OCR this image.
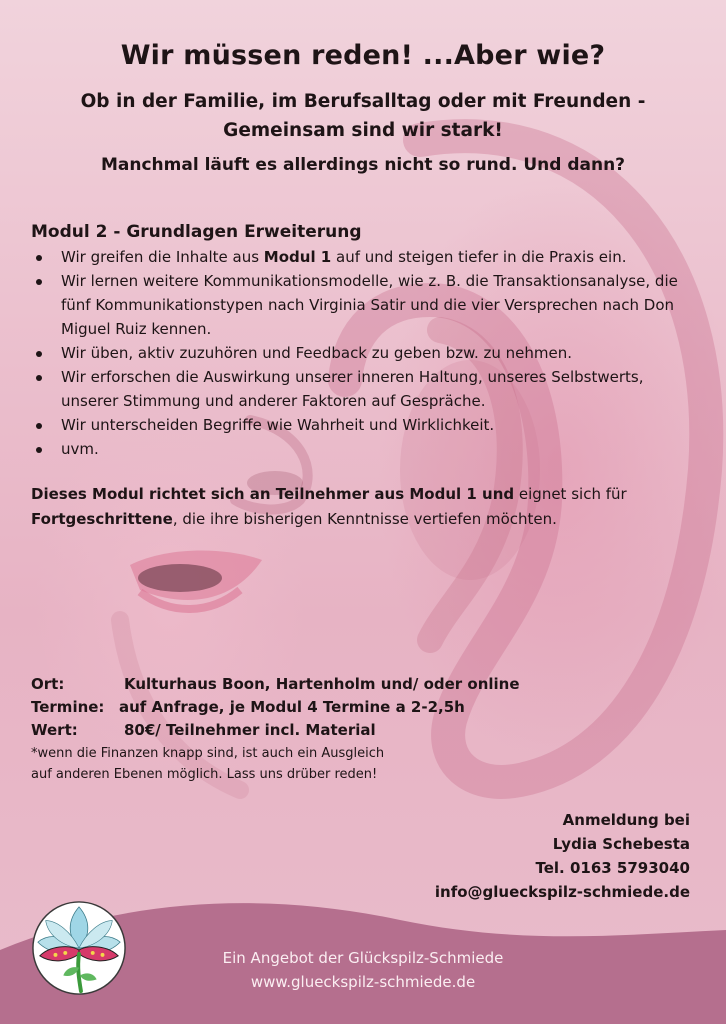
Wir müssen reden! ...Aber wie?
Ob in der Familie, im Berufsalltag oder mit Freunden -
Gemeinsam sind wir stark!
Manchmal läuft es allerdings nicht so rund. Und dann?
Modul 2 - Grundlagen Erweiterung
Wir greifen die Inhalte aus Modul 1 auf und steigen tiefer in die Praxis ein.
Wir lernen weitere Kommunikationsmodelle, wie z. B. die Transaktionsanalyse, die fünf Kommunikationstypen nach Virginia Satir und die vier Versprechen nach Don Miguel Ruiz kennen.
Wir üben, aktiv zuzuhören und Feedback zu geben bzw. zu nehmen.
Wir erforschen die Auswirkung unserer inneren Haltung, unseres Selbstwerts, unserer Stimmung und anderer Faktoren auf Gespräche.
Wir unterscheiden Begriffe wie Wahrheit und Wirklichkeit.
uvm.
Dieses Modul richtet sich an Teilnehmer aus Modul 1 und eignet sich für Fortgeschrittene, die ihre bisherigen Kenntnisse vertiefen möchten.
Ort:	Kulturhaus Boon, Hartenholm und/ oder online
Termine: auf Anfrage, je Modul 4 Termine a 2-2,5h
Wert:	80€/ Teilnehmer incl. Material
*wenn die Finanzen knapp sind, ist auch ein Ausgleich
auf anderen Ebenen möglich. Lass uns drüber reden!
Anmeldung bei
Lydia Schebesta
Tel. 0163 5793040
info@glueckspilz-schmiede.de
Ein Angebot der Glückspilz-Schmiede
www.glueckspilz-schmiede.de
